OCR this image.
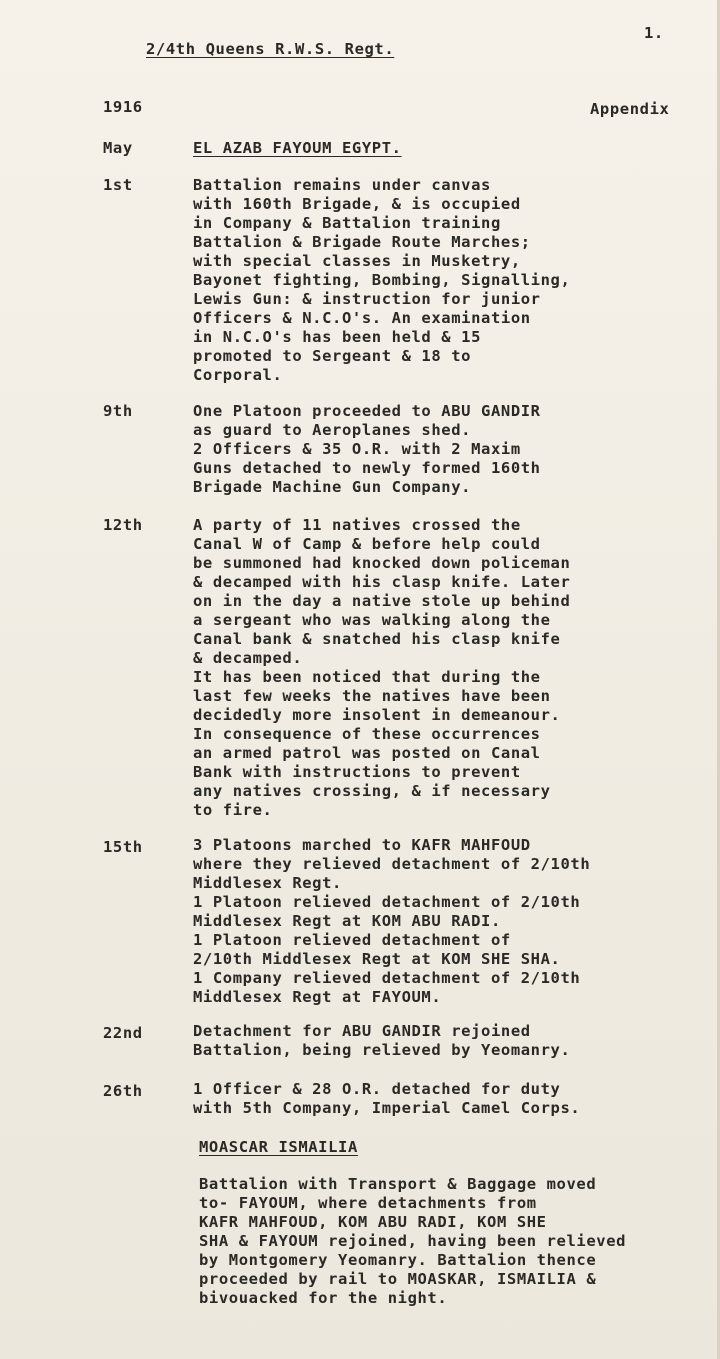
1.
2/4th Queens R.W.S. Regt.
1916	Appendix
May	EL AZAB FAYOUM EGYPT.
1st	Battalion remains under canvas
with 160th Brigade, & is occupied
in Company & Battalion training
Battalion & Brigade Route Marches;
with special classes in Musketry,
Bayonet fighting, Bombing, Signalling,
Lewis Gun: & instruction for junior
Officers & N.C.O's. An examination
in N.C.O's has been held & 15
promoted to Sergeant & 18 to
Corporal.
9th	One Platoon proceeded to ABU GANDIR
as guard to Aeroplanes shed.
2 Officers & 35 O.R. with 2 Maxim
Guns detached to newly formed 160th
Brigade Machine Gun Company.
12th	A party of 11 natives crossed the
Canal W of Camp & before help could
be summoned had knocked down policeman
& decamped with his clasp knife. Later
on in the day a native stole up behind
a sergeant who was walking along the
Canal bank & snatched his clasp knife
& decamped.
It has been noticed that during the
last few weeks the natives have been
decidedly more insolent in demeanour.
In consequence of these occurrences
an armed patrol was posted on Canal
Bank with instructions to prevent
any natives crossing, & if necessary
to fire.
15th	3 Platoons marched to KAFR MAHFOUD
where they relieved detachment of 2/10th
Middlesex Regt.
1 Platoon relieved detachment of 2/10th
Middlesex Regt at KOM ABU RADI.
1 Platoon relieved detachment of
2/10th Middlesex Regt at KOM SHE SHA.
1 Company relieved detachment of 2/10th
Middlesex Regt at FAYOUM.
22nd	Detachment for ABU GANDIR rejoined
Battalion, being relieved by Yeomanry.
26th	1 Officer & 28 O.R. detached for duty
with 5th Company, Imperial Camel Corps.
MOASCAR ISMAILIA
Battalion with Transport & Baggage moved
to- FAYOUM, where detachments from
KAFR MAHFOUD, KOM ABU RADI, KOM SHE
SHA & FAYOUM rejoined, having been relieved
by Montgomery Yeomanry. Battalion thence
proceeded by rail to MOASKAR, ISMAILIA &
bivouacked for the night.
